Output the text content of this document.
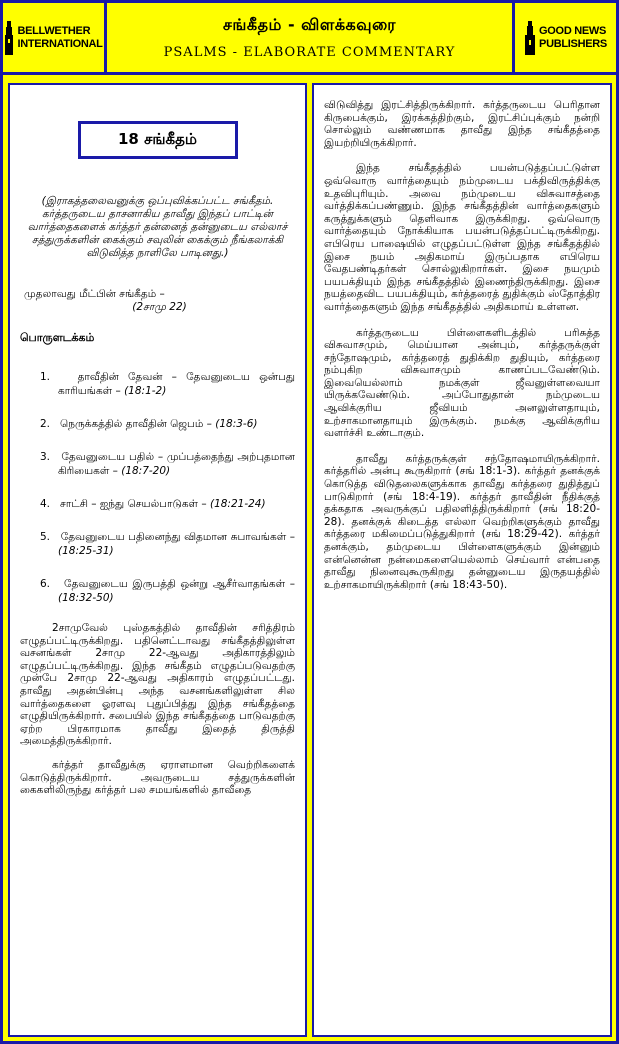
BELLWETHER
INTERNATIONAL
சங்கீதம் - விளக்கவுரை
PSALMS - ELABORATE COMMENTARY
GOOD NEWS
PUBLISHERS
18 சங்கீதம்
(இராகத்தலைவனுக்கு ஒப்புவிக்கப்பட்ட சங்கீதம். கர்த்தருடைய தாசனாகிய தாவீது இந்தப் பாட்டின் வார்த்தைகளைக் கர்த்தர் தன்னைத் தன்னுடைய எல்லாச் சத்துருக்களின் கைக்கும் சவுலின் கைக்கும் நீங்கலாக்கி விடுவித்த நாளிலே பாடினது.)
முதலாவது மீட்பின் சங்கீதம் –
(2சாமு 22)
பொருளடக்கம்
1.	தாவீதின் தேவன் – தேவனுடைய ஒன்பது காரியங்கள் – (18:1-2)
2. நெருக்கத்தில் தாவீதின் ஜெபம் – (18:3-6)
3. தேவனுடைய பதில் – முப்பத்தைந்து அற்புதமான கிரியைகள் – (18:7-20)
4. சாட்சி – ஐந்து செயல்பாடுகள் – (18:21-24)
5. தேவனுடைய பதினைந்து விதமான சுபாவங்கள் – (18:25-31)
6. தேவனுடைய இருபத்தி ஒன்று ஆசீர்வாதங்கள் – (18:32-50)
2சாமுவேல் புஸ்தகத்தில் தாவீதின் சரித்திரம் எழுதப்பட்டிருக்கிறது. பதினெட்டாவது சங்கீதத்திலுள்ள வசனங்கள் 2சாமு 22-ஆவது அதிகாரத்திலும் எழுதப்பட்டிருக்கிறது. இந்த சங்கீதம் எழுதப்படுவதற்கு முன்பே 2சாமு 22-ஆவது அதிகாரம் எழுதப்பட்டது. தாவீது அதன்பின்பு அந்த வசனங்களிலுள்ள சில வார்த்தைகளை ஓரளவு புதுப்பித்து இந்த சங்கீதத்தை எழுதியிருக்கிறார். சபையில் இந்த சங்கீதத்தை பாடுவதற்கு ஏற்ற பிரகாரமாக தாவீது இதைத் திருத்தி அமைத்திருக்கிறார்.
கர்த்தர் தாவீதுக்கு ஏராளமான வெற்றிகளைக் கொடுத்திருக்கிறார். அவருடைய சத்துருக்களின் கைகளிலிருந்து கர்த்தர் பல சமயங்களில் தாவீதை
விடுவித்து இரட்சித்திருக்கிறார். கர்த்தருடைய பெரிதான கிருபைக்கும், இரக்கத்திற்கும், இரட்சிப்புக்கும் நன்றி சொல்லும் வண்ணமாக தாவீது இந்த சங்கீதத்தை இயற்றியிருக்கிறார்.
இந்த சங்கீதத்தில் பயன்படுத்தப்பட்டுள்ள ஒவ்வொரு வார்த்தையும் நம்முடைய பக்திவிருத்திக்கு உதவிபுரியும். அவை நம்முடைய விசுவாசத்தை வர்த்திக்கப்பண்ணும். இந்த சங்கீதத்தின் வார்த்தைகளும் கருத்துக்களும் தெளிவாக இருக்கிறது. ஒவ்வொரு வார்த்தையும் நோக்கியாக பயன்படுத்தப்பட்டிருக்கிறது. எபிரெய பாஷையில் எழுதப்பட்டுள்ள இந்த சங்கீதத்தில் இசை நயம் அதிகமாய் இருப்பதாக எபிரெய வேதபண்டிதர்கள் சொல்லுகிறார்கள். இசை நயமும் பயபக்தியும் இந்த சங்கீதத்தில் இணைந்திருக்கிறது. இசை நயத்தைவிட பயபக்தியும், கர்த்தரைத் துதிக்கும் ஸ்தோத்திர வார்த்தைகளும் இந்த சங்கீதத்தில் அதிகமாய் உள்ளன.
கர்த்தருடைய பிள்ளைகளிடத்தில் பரிசுத்த விசுவாசமும், மெய்யான அன்பும், கர்த்தருக்குள் சந்தோஷமும், கர்த்தரைத் துதிக்கிற துதியும், கர்த்தரை நம்புகிற விசுவாசமும் காணப்படவேண்டும். இவையெல்லாம் நமக்குள் ஜீவனுள்ளவையா யிருக்கவேண்டும். அப்போதுதான் நம்முடைய ஆவிக்குரிய ஜீவியம் அனலுள்ளதாயும், உற்சாகமானதாயும் இருக்கும். நமக்கு ஆவிக்குரிய வளர்ச்சி உண்டாகும்.
தாவீது கர்த்தருக்குள் சந்தோஷமாயிருக்கிறார். கர்த்தரில் அன்பு கூருகிறார் (சங் 18:1-3). கர்த்தர் தனக்குக் கொடுத்த விடுதலைகளுக்காக தாவீது கர்த்தரை துதித்துப் பாடுகிறார் (சங் 18:4-19). கர்த்தர் தாவீதின் நீதிக்குத் தக்கதாக அவருக்குப் பதிலளித்திருக்கிறார் (சங் 18:20-28). தனக்குக் கிடைத்த எல்லா வெற்றிகளுக்கும் தாவீது கர்த்தரை மகிமைப்படுத்துகிறார் (சங் 18:29-42). கர்த்தர் தனக்கும், தம்முடைய பிள்ளைகளுக்கும் இன்னும் என்னென்ன நன்மைகளையெல்லாம் செய்வார் என்பதை தாவீது நினைவுகூருகிறது தன்னுடைய இருதயத்தில் உற்சாகமாயிருக்கிறார் (சங் 18:43-50).
